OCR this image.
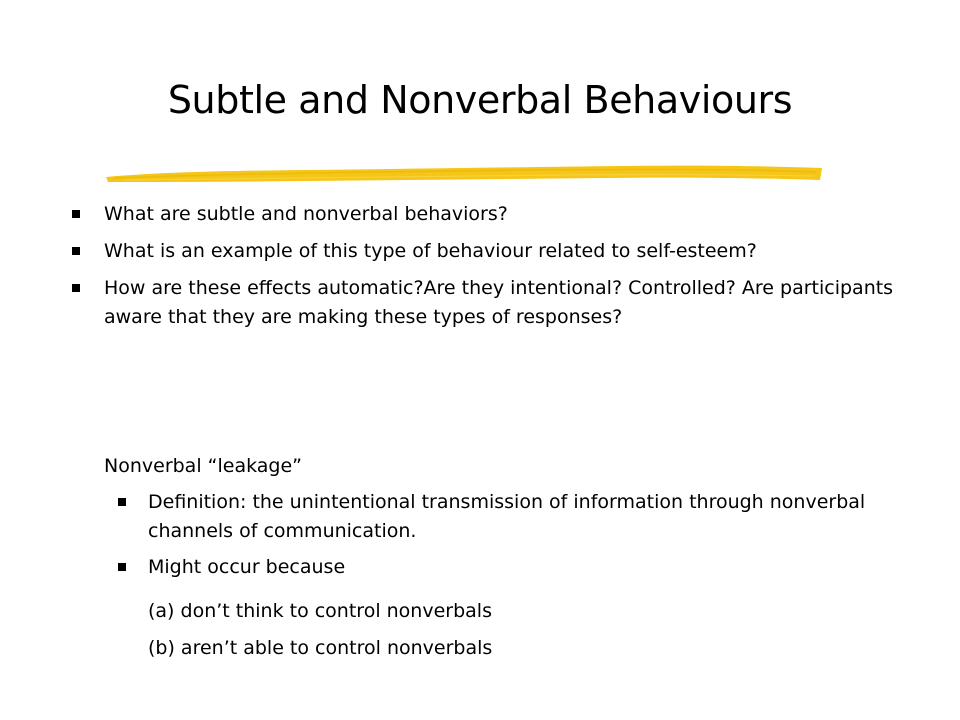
Subtle and Nonverbal Behaviours
What are subtle and nonverbal behaviors?
What is an example of this type of behaviour related to self-esteem?
How are these effects automatic?Are they intentional? Controlled? Are participants aware that they are making these types of responses?
Nonverbal “leakage”
Definition: the unintentional transmission of information through nonverbal channels of communication.
Might occur because
(a) don’t think to control nonverbals
(b) aren’t able to control nonverbals
